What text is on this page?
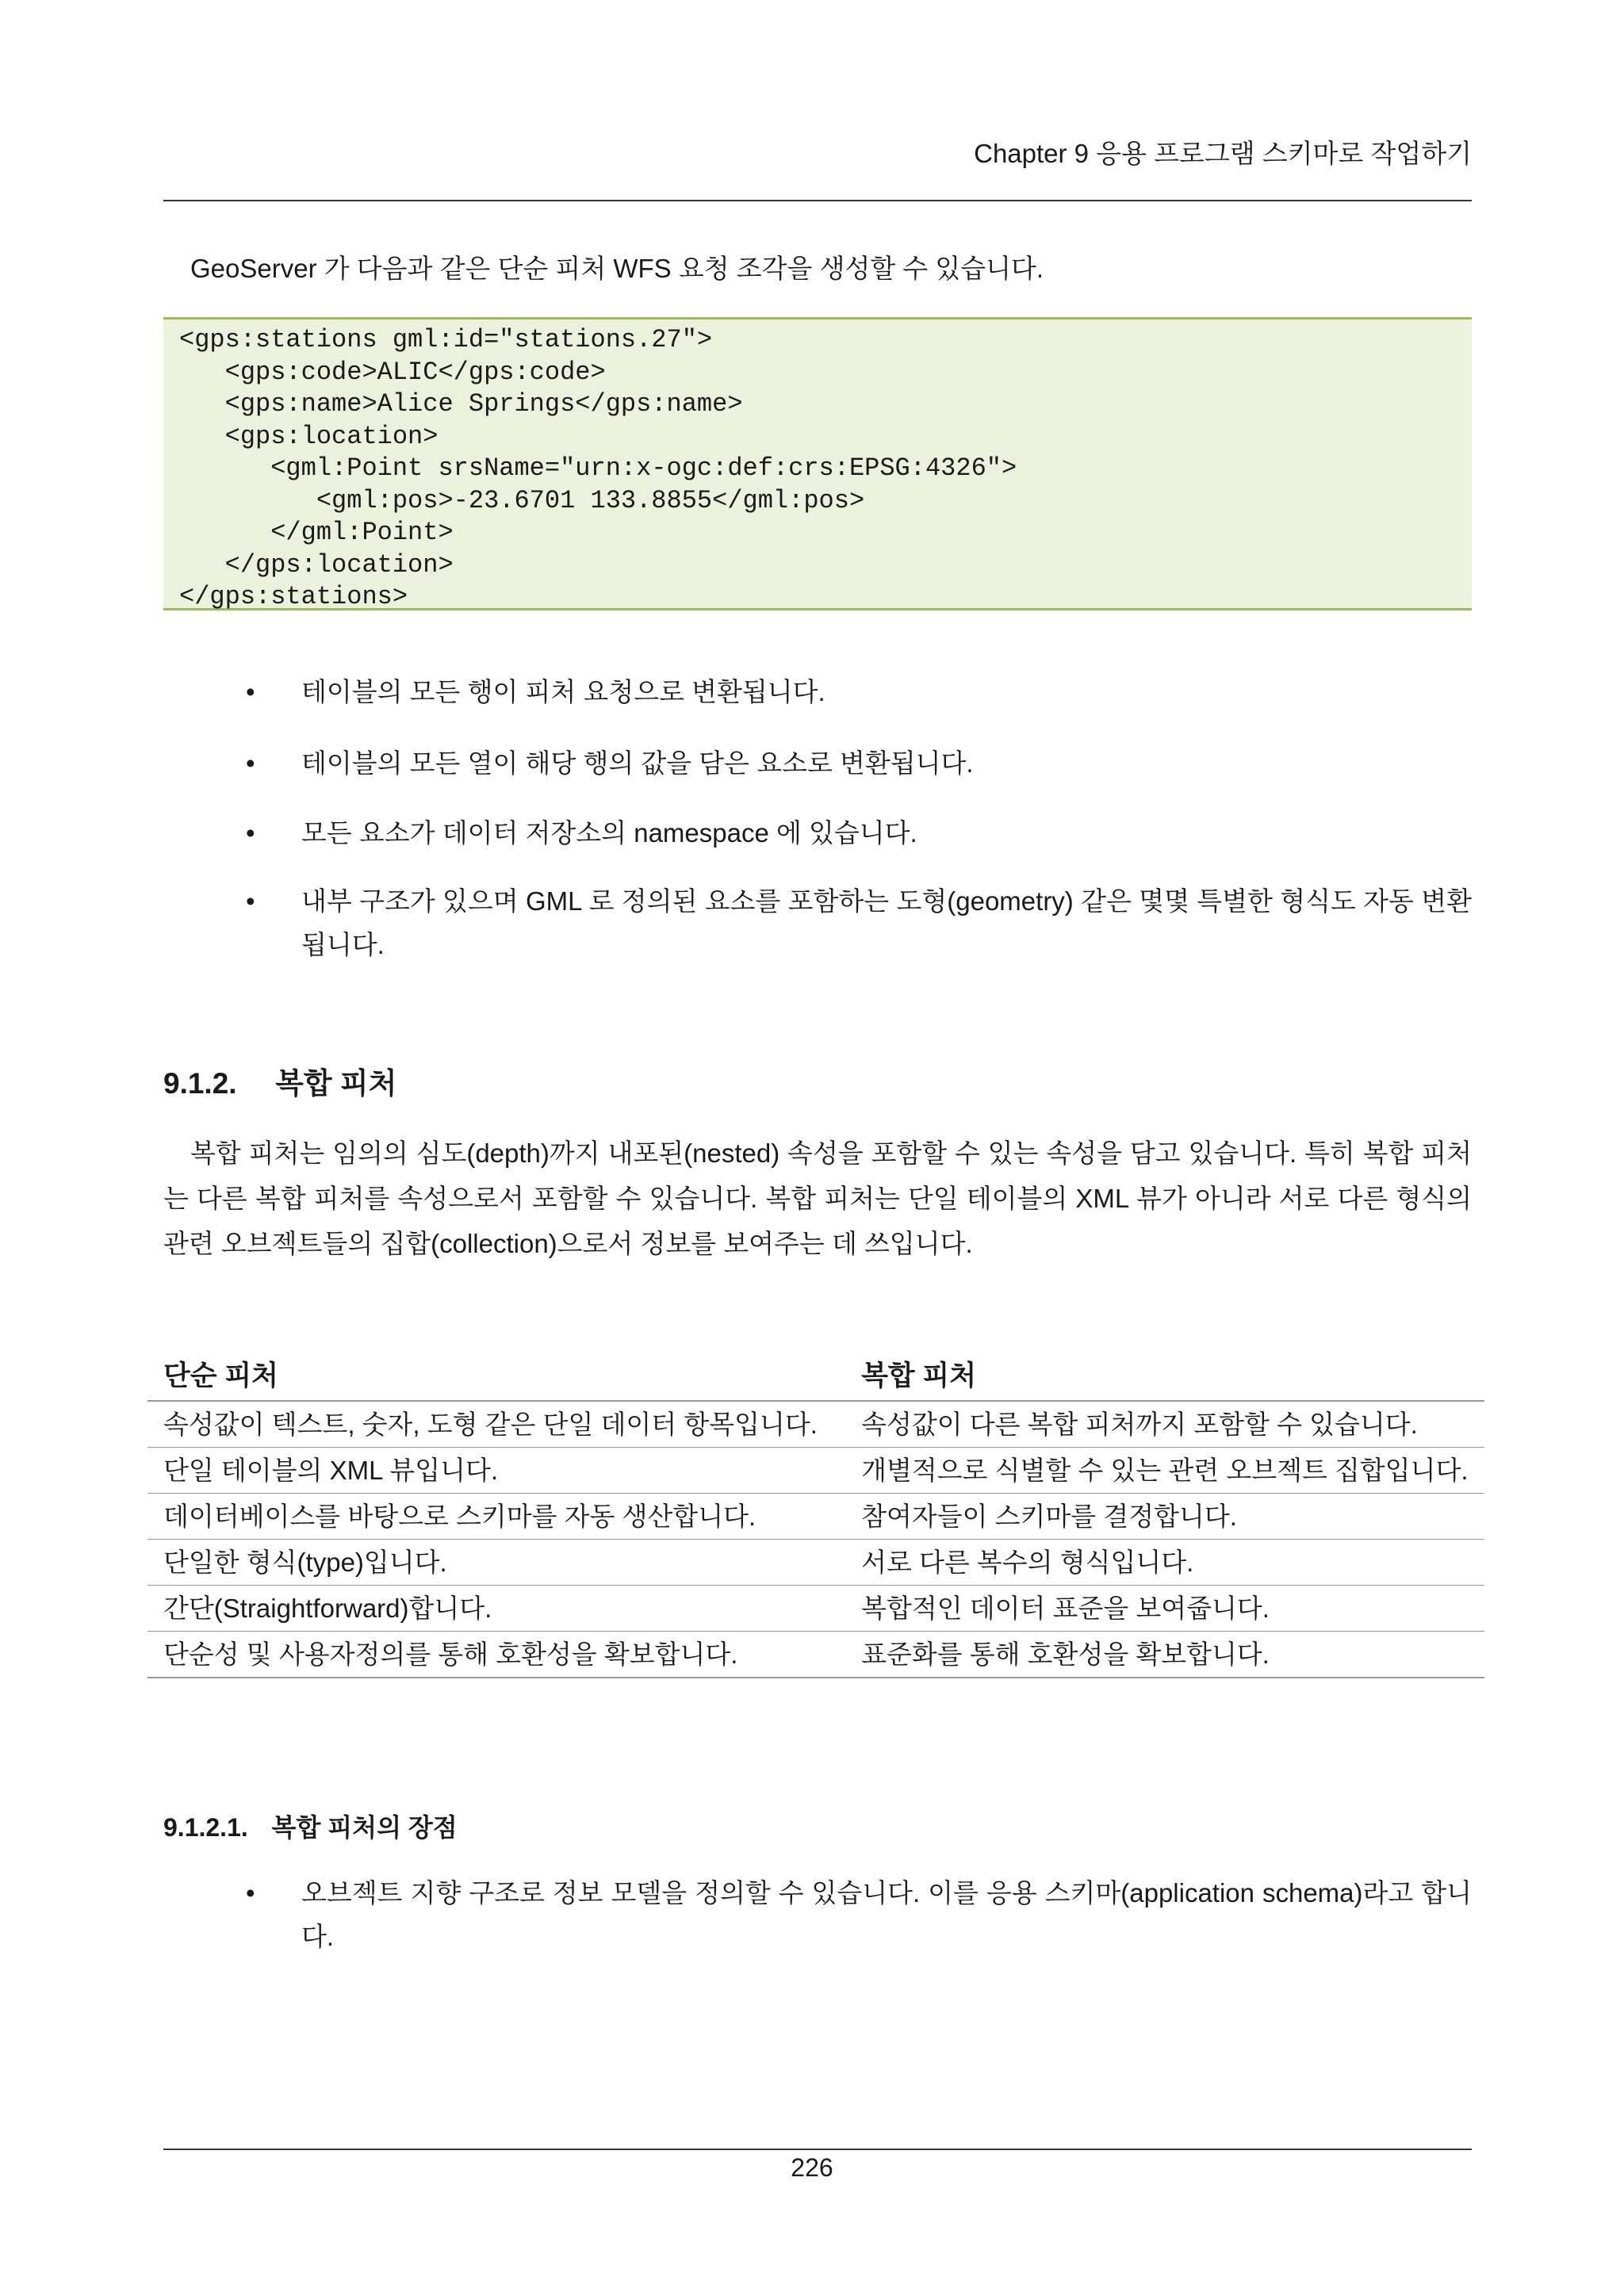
Chapter 9 응용 프로그램 스키마로 작업하기
GeoServer 가 다음과 같은 단순 피처 WFS 요청 조각을 생성할 수 있습니다.
<gps:stations gml:id="stations.27">
<gps:code>ALIC</gps:code>
<gps:name>Alice Springs</gps:name>
<gps:location>
<gml:Point srsName="urn:x-ogc:def:crs:EPSG:4326">
<gml:pos>-23.6701 133.8855</gml:pos>
</gml:Point>
</gps:location>
</gps:stations>
•	테이블의 모든 행이 피처 요청으로 변환됩니다.
•	테이블의 모든 열이 해당 행의 값을 담은 요소로 변환됩니다.
•	모든 요소가 데이터 저장소의 namespace 에 있습니다.
•	내부 구조가 있으며 GML 로 정의된 요소를 포함하는 도형(geometry) 같은 몇몇 특별한 형식도 자동 변환됩니다.
9.1.2. 복합 피처
복합 피처는 임의의 심도(depth)까지 내포된(nested) 속성을 포함할 수 있는 속성을 담고 있습니다. 특히 복합 피처는 다른 복합 피처를 속성으로서 포함할 수 있습니다. 복합 피처는 단일 테이블의 XML 뷰가 아니라 서로 다른 형식의 관련 오브젝트들의 집합(collection)으로서 정보를 보여주는 데 쓰입니다.
단순 피처	복합 피처
속성값이 텍스트, 숫자, 도형 같은 단일 데이터 항목입니다.	속성값이 다른 복합 피처까지 포함할 수 있습니다.
단일 테이블의 XML 뷰입니다.	개별적으로 식별할 수 있는 관련 오브젝트 집합입니다.
데이터베이스를 바탕으로 스키마를 자동 생산합니다.	참여자들이 스키마를 결정합니다.
단일한 형식(type)입니다.	서로 다른 복수의 형식입니다.
간단(Straightforward)합니다.	복합적인 데이터 표준을 보여줍니다.
단순성 및 사용자정의를 통해 호환성을 확보합니다.	표준화를 통해 호환성을 확보합니다.
9.1.2.1. 복합 피처의 장점
•	오브젝트 지향 구조로 정보 모델을 정의할 수 있습니다. 이를 응용 스키마(application schema)라고 합니다.
226
